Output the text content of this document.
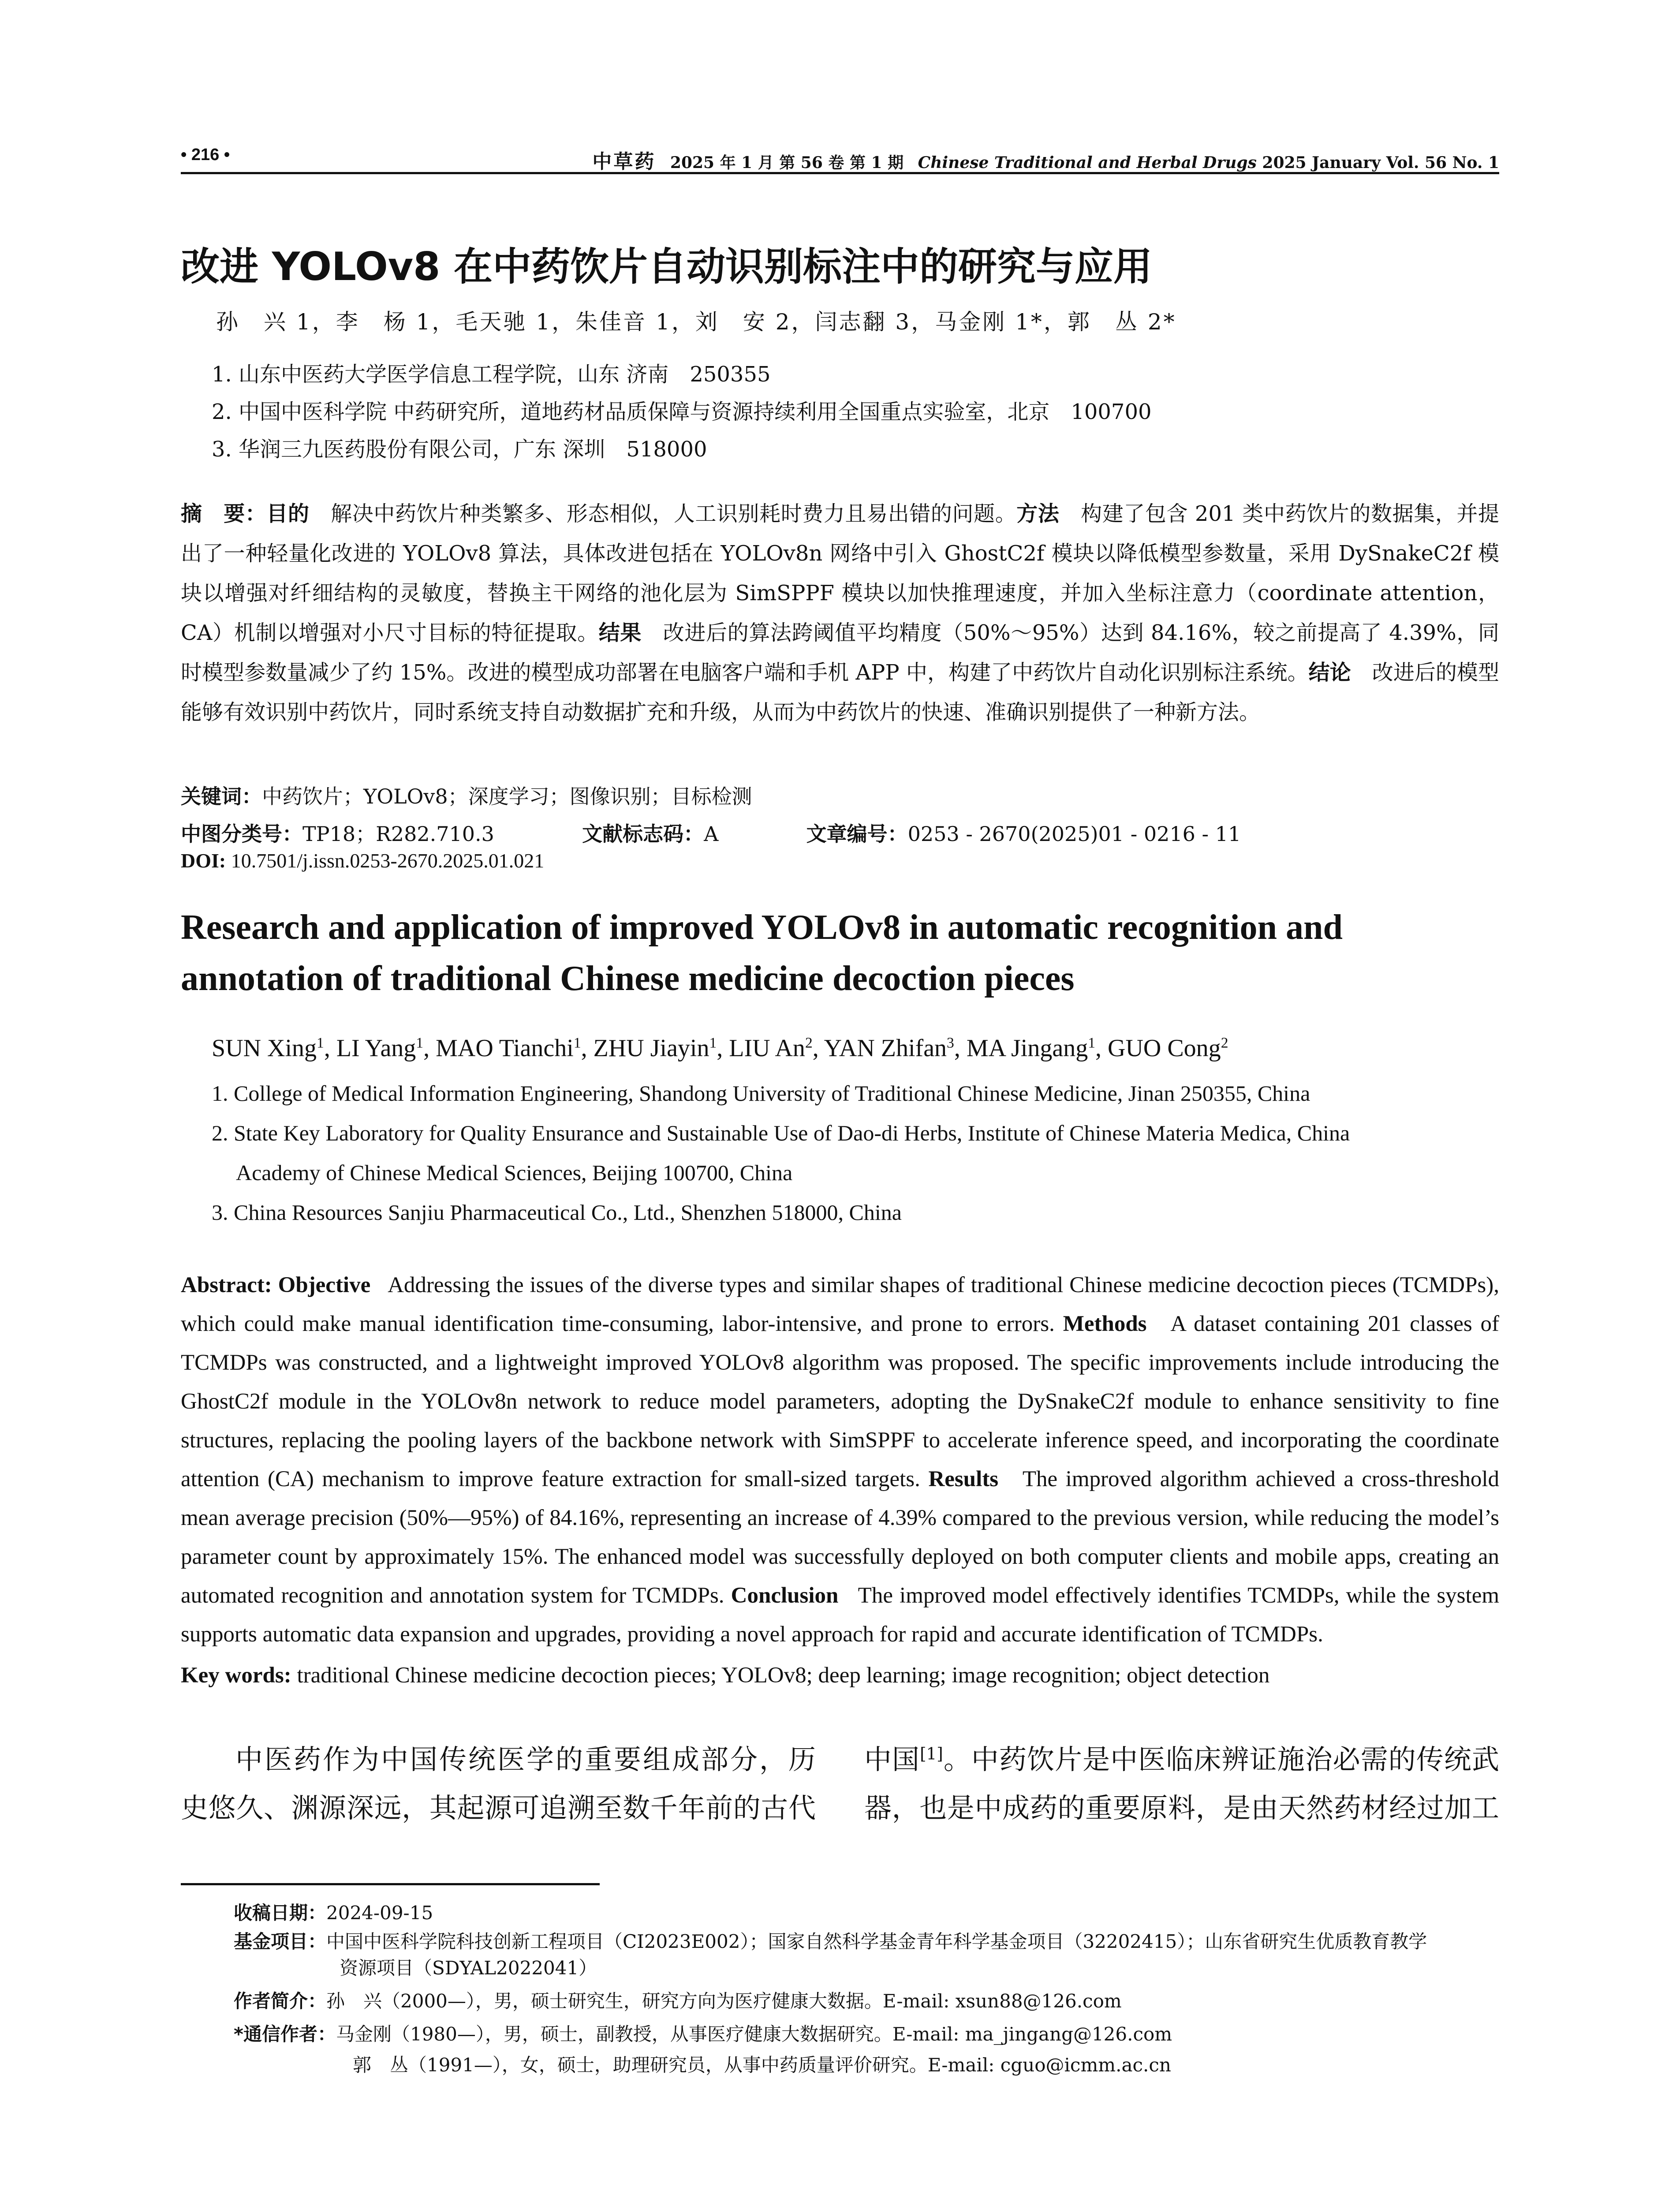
• 216 •	中草药 2025 年 1 月 第 56 卷 第 1 期 Chinese Traditional and Herbal Drugs 2025 January Vol. 56 No. 1
改进 YOLOv8 在中药饮片自动识别标注中的研究与应用
孙　兴 1，李　杨 1，毛天驰 1，朱佳音 1，刘　安 2，闫志翻 3，马金刚 1*，郭　丛 2*
1. 山东中医药大学医学信息工程学院，山东 济南　250355
2. 中国中医科学院 中药研究所，道地药材品质保障与资源持续利用全国重点实验室，北京　100700
3. 华润三九医药股份有限公司，广东 深圳　518000
摘　要：目的　解决中药饮片种类繁多、形态相似，人工识别耗时费力且易出错的问题。方法　构建了包含 201 类中药饮片的数据集，并提出了一种轻量化改进的 YOLOv8 算法，具体改进包括在 YOLOv8n 网络中引入 GhostC2f 模块以降低模型参数量，采用 DySnakeC2f 模块以增强对纤细结构的灵敏度，替换主干网络的池化层为 SimSPPF 模块以加快推理速度，并加入坐标注意力（coordinate attention，CA）机制以增强对小尺寸目标的特征提取。结果　改进后的算法跨阈值平均精度（50%～95%）达到 84.16%，较之前提高了 4.39%，同时模型参数量减少了约 15%。改进的模型成功部署在电脑客户端和手机 APP 中，构建了中药饮片自动化识别标注系统。结论　改进后的模型能够有效识别中药饮片，同时系统支持自动数据扩充和升级，从而为中药饮片的快速、准确识别提供了一种新方法。
关键词：中药饮片；YOLOv8；深度学习；图像识别；目标检测
中图分类号：TP18；R282.710.3	文献标志码：A	文章编号：0253 - 2670(2025)01 - 0216 - 11
DOI: 10.7501/j.issn.0253-2670.2025.01.021
Research and application of improved YOLOv8 in automatic recognition and annotation of traditional Chinese medicine decoction pieces
SUN Xing$^1$, LI Yang$^1$, MAO Tianchi$^1$, ZHU Jiayin$^1$, LIU An$^2$, YAN Zhifan$^3$, MA Jingang$^1$, GUO Cong$^2$
1. College of Medical Information Engineering, Shandong University of Traditional Chinese Medicine, Jinan 250355, China
2. State Key Laboratory for Quality Ensurance and Sustainable Use of Dao-di Herbs, Institute of Chinese Materia Medica, China
Academy of Chinese Medical Sciences, Beijing 100700, China
3. China Resources Sanjiu Pharmaceutical Co., Ltd., Shenzhen 518000, China
Abstract: Objective Addressing the issues of the diverse types and similar shapes of traditional Chinese medicine decoction pieces (TCMDPs), which could make manual identification time-consuming, labor-intensive, and prone to errors. Methods A dataset containing 201 classes of TCMDPs was constructed, and a lightweight improved YOLOv8 algorithm was proposed. The specific improvements include introducing the GhostC2f module in the YOLOv8n network to reduce model parameters, adopting the DySnakeC2f module to enhance sensitivity to fine structures, replacing the pooling layers of the backbone network with SimSPPF to accelerate inference speed, and incorporating the coordinate attention (CA) mechanism to improve feature extraction for small-sized targets. Results The improved algorithm achieved a cross-threshold mean average precision (50%—95%) of 84.16%, representing an increase of 4.39% compared to the previous version, while reducing the model’s parameter count by approximately 15%. The enhanced model was successfully deployed on both computer clients and mobile apps, creating an automated recognition and annotation system for TCMDPs. Conclusion The improved model effectively identifies TCMDPs, while the system supports automatic data expansion and upgrades, providing a novel approach for rapid and accurate identification of TCMDPs.
Key words: traditional Chinese medicine decoction pieces; YOLOv8; deep learning; image recognition; object detection
中医药作为中国传统医学的重要组成部分，历
史悠久、渊源深远，其起源可追溯至数千年前的古代
中国[1]。中药饮片是中医临床辨证施治必需的传统武
器，也是中成药的重要原料，是由天然药材经过加工
收稿日期：2024-09-15
基金项目：中国中医科学院科技创新工程项目（CI2023E002）；国家自然科学基金青年科学基金项目（32202415）；山东省研究生优质教育教学
资源项目（SDYAL2022041）
作者简介：孙　兴（2000—），男，硕士研究生，研究方向为医疗健康大数据。E-mail: xsun88@126.com
*通信作者：马金刚（1980—），男，硕士，副教授，从事医疗健康大数据研究。E-mail: ma_jingang@126.com
郭　丛（1991—），女，硕士，助理研究员，从事中药质量评价研究。E-mail: cguo@icmm.ac.cn
